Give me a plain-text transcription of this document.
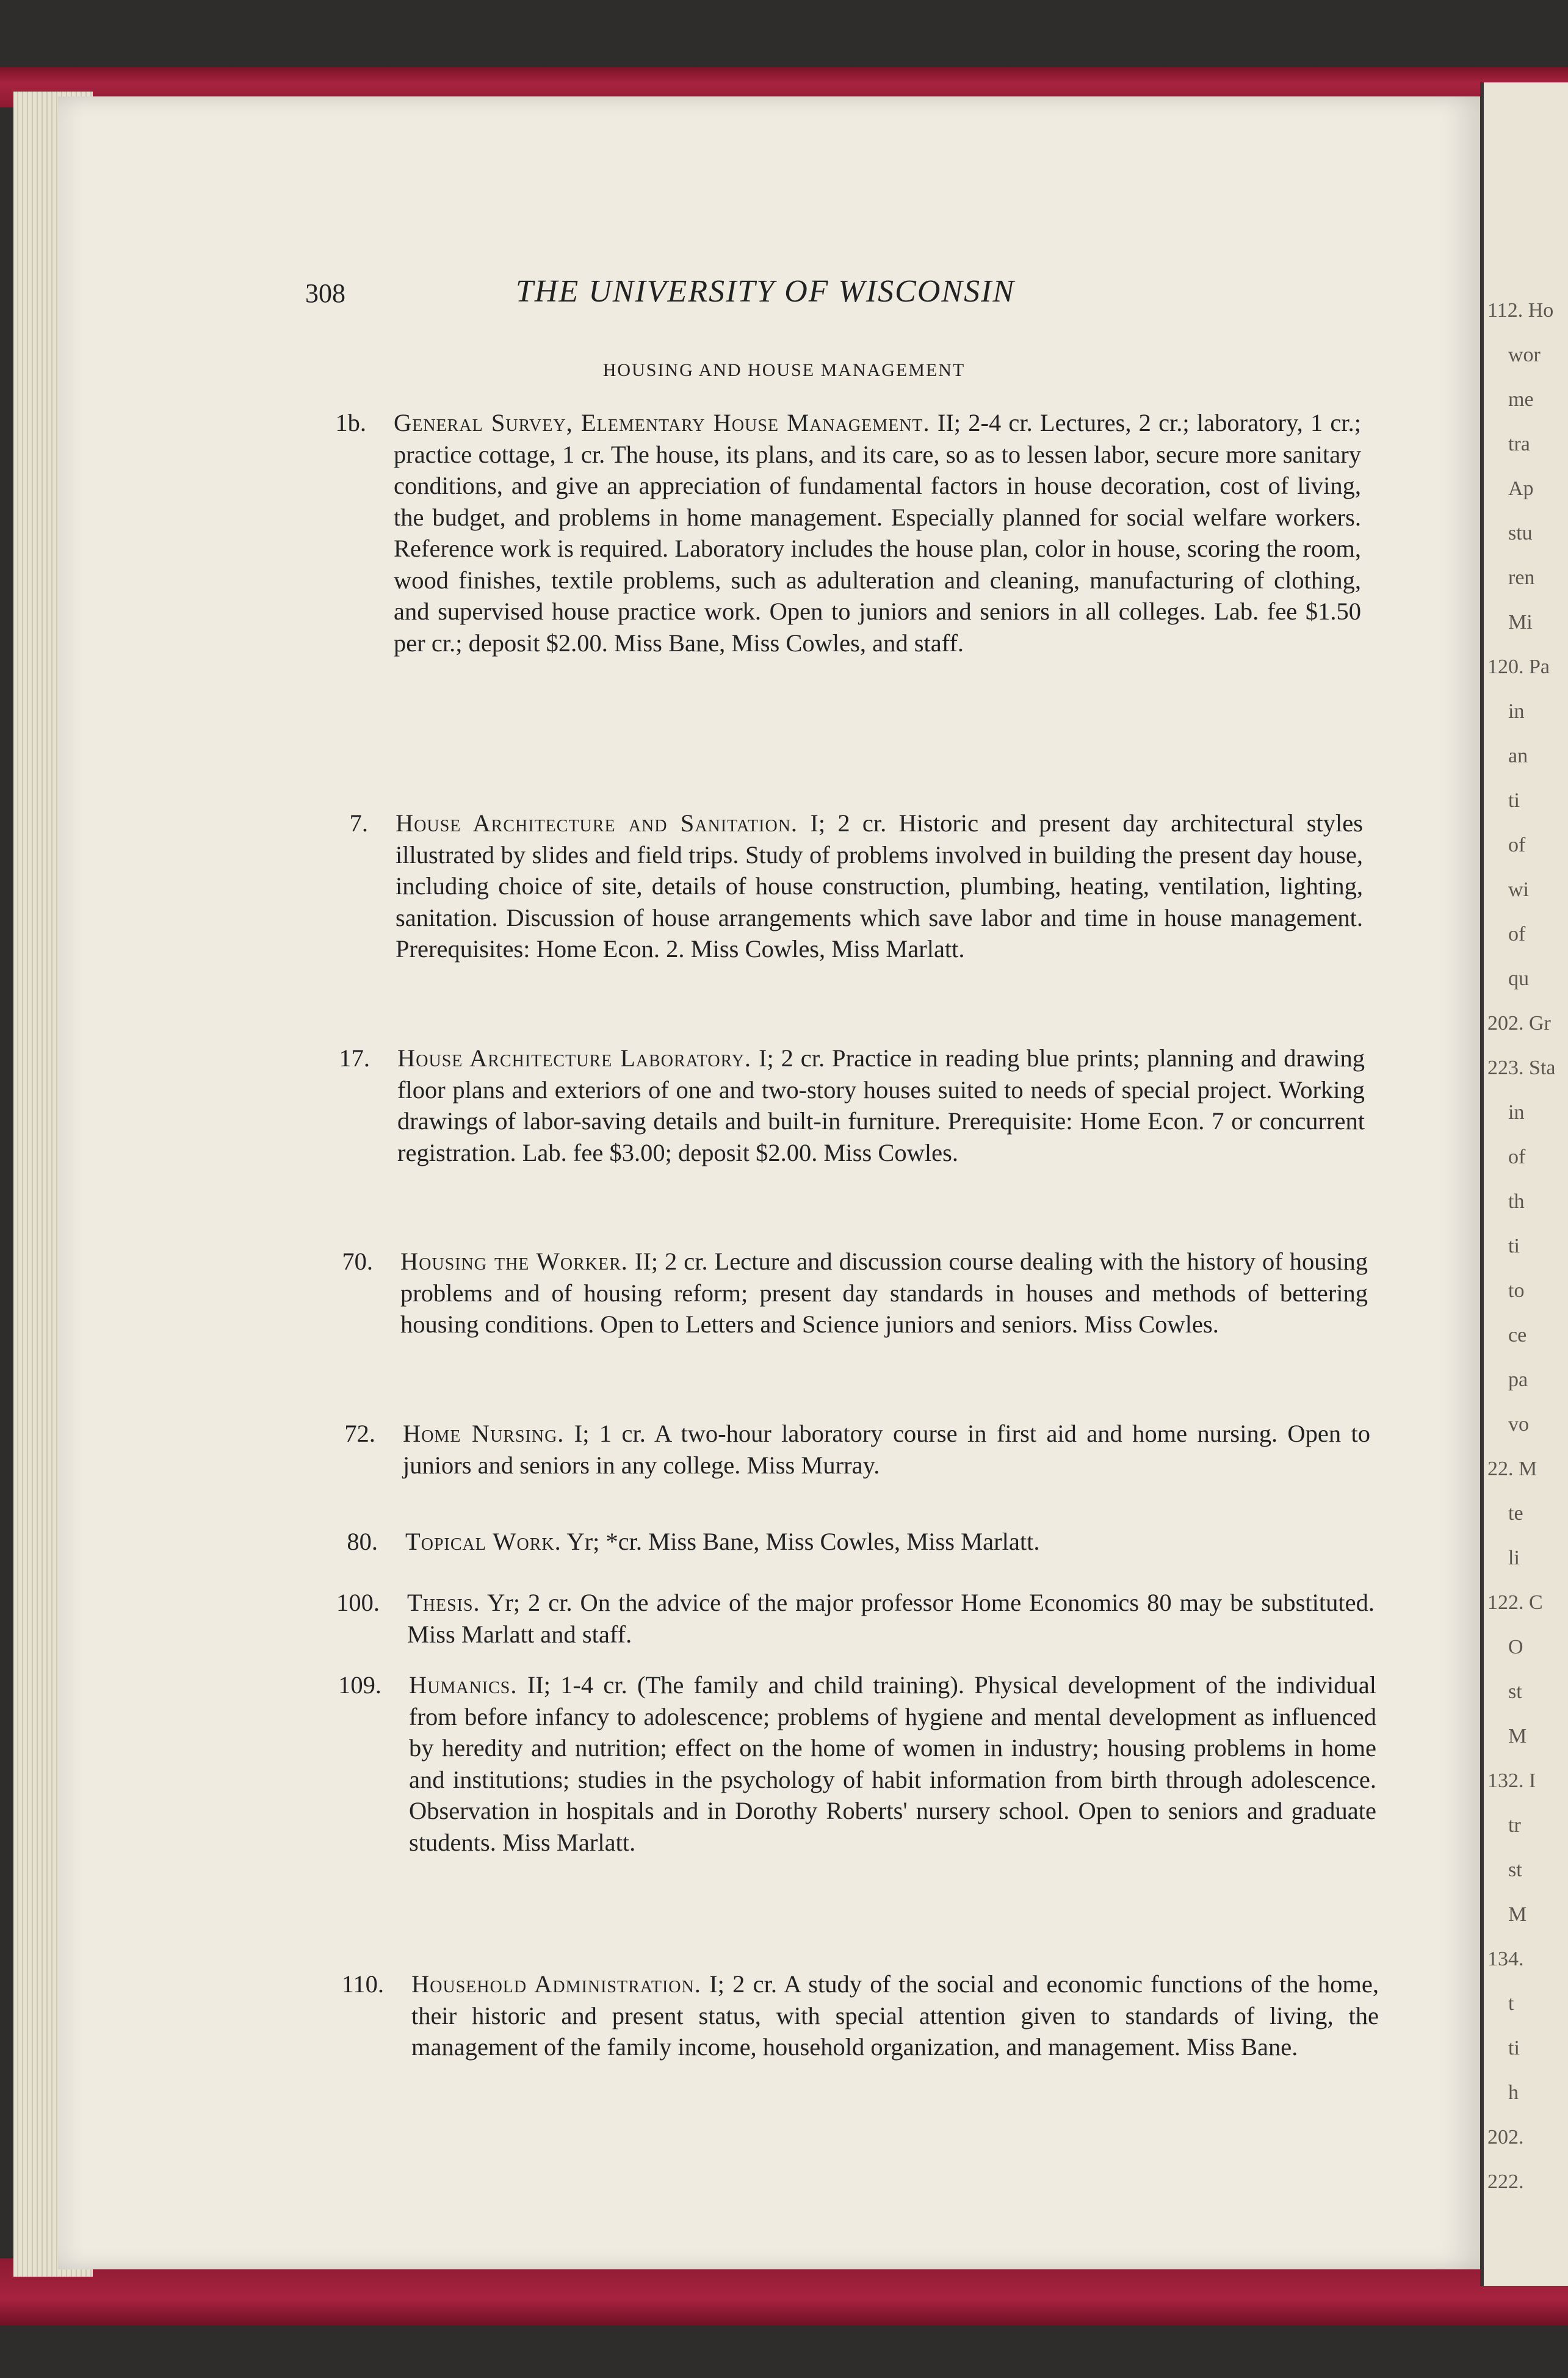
112. Ho
wor
me
tra
Ap
stu
ren
Mi
120. Pa
in
an
ti
of
wi
of
qu
202. Gr
223. Sta
in
of
th
ti
to
ce
pa
vo
22. M
te
li
122. C
O
st
M
132. I
tr
st
M
134.
t
ti
h
202.
222.
308	THE UNIVERSITY OF WISCONSIN
HOUSING AND HOUSE MANAGEMENT
1b. General Survey, Elementary House Management. II; 2-4 cr. Lectures, 2 cr.; laboratory, 1 cr.; practice cottage, 1 cr. The house, its plans, and its care, so as to lessen labor, secure more sanitary conditions, and give an appreciation of fundamental factors in house decoration, cost of living, the budget, and problems in home management. Especially planned for social welfare workers. Reference work is required. Laboratory includes the house plan, color in house, scoring the room, wood finishes, textile problems, such as adulteration and cleaning, manufacturing of clothing, and supervised house practice work. Open to juniors and seniors in all colleges. Lab. fee $1.50 per cr.; deposit $2.00. Miss Bane, Miss Cowles, and staff.
7. House Architecture and Sanitation. I; 2 cr. Historic and present day architectural styles illustrated by slides and field trips. Study of problems involved in building the present day house, including choice of site, details of house construction, plumbing, heating, ventilation, lighting, sanitation. Discussion of house arrangements which save labor and time in house management. Prerequisites: Home Econ. 2. Miss Cowles, Miss Marlatt.
17. House Architecture Laboratory. I; 2 cr. Practice in reading blue prints; planning and drawing floor plans and exteriors of one and two-story houses suited to needs of special project. Working drawings of labor-saving details and built-in furniture. Prerequisite: Home Econ. 7 or concurrent registration. Lab. fee $3.00; deposit $2.00. Miss Cowles.
70. Housing the Worker. II; 2 cr. Lecture and discussion course dealing with the history of housing problems and of housing reform; present day standards in houses and methods of bettering housing conditions. Open to Letters and Science juniors and seniors. Miss Cowles.
72. Home Nursing. I; 1 cr. A two-hour laboratory course in first aid and home nursing. Open to juniors and seniors in any college. Miss Murray.
80. Topical Work. Yr; *cr. Miss Bane, Miss Cowles, Miss Marlatt.
100. Thesis. Yr; 2 cr. On the advice of the major professor Home Economics 80 may be substituted. Miss Marlatt and staff.
109. Humanics. II; 1-4 cr. (The family and child training). Physical development of the individual from before infancy to adolescence; problems of hygiene and mental development as influenced by heredity and nutrition; effect on the home of women in industry; housing problems in home and institutions; studies in the psychology of habit information from birth through adolescence. Observation in hospitals and in Dorothy Roberts' nursery school. Open to seniors and graduate students. Miss Marlatt.
110. Household Administration. I; 2 cr. A study of the social and economic functions of the home, their historic and present status, with special attention given to standards of living, the management of the family income, household organization, and management. Miss Bane.
